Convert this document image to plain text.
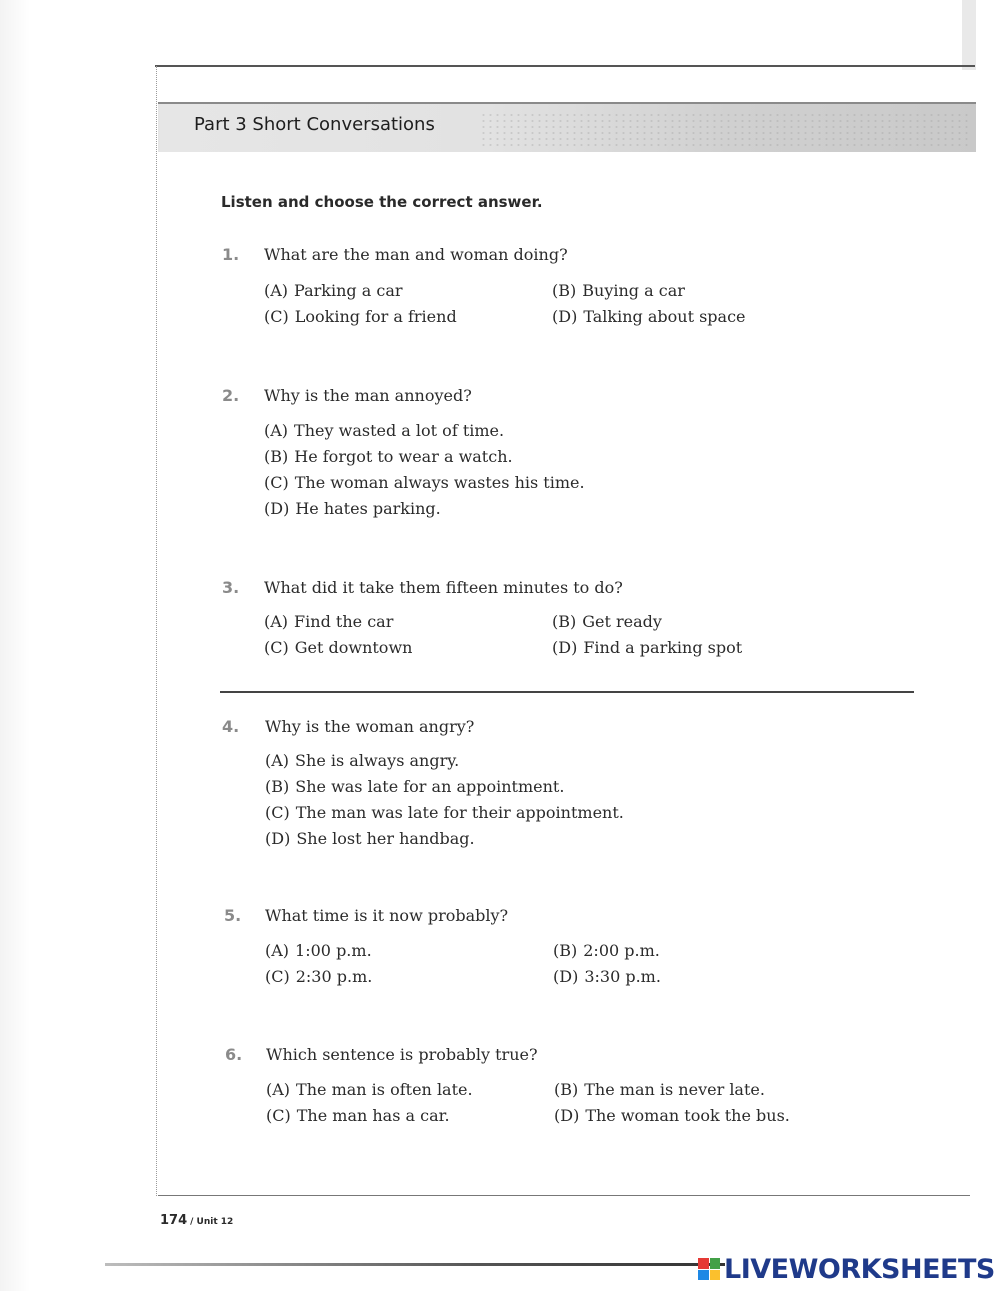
Part 3 Short Conversations

Listen and choose the correct answer.

1. What are the man and woman doing?
(A) Parking a car	(B) Buying a car
(C) Looking for a friend	(D) Talking about space
2. Why is the man annoyed?
(A) They wasted a lot of time.
(B) He forgot to wear a watch.
(C) The woman always wastes his time.
(D) He hates parking.
3. What did it take them fifteen minutes to do?
(A) Find the car	(B) Get ready
(C) Get downtown	(D) Find a parking spot
4. Why is the woman angry?
(A) She is always angry.
(B) She was late for an appointment.
(C) The man was late for their appointment.
(D) She lost her handbag.
5. What time is it now probably?
(A) 1:00 p.m.	(B) 2:00 p.m.
(C) 2:30 p.m.	(D) 3:30 p.m.
6. Which sentence is probably true?
(A) The man is often late.	(B) The man is never late.
(C) The man has a car.	(D) The woman took the bus.
174 / Unit 12
LIVEWORKSHEETS
